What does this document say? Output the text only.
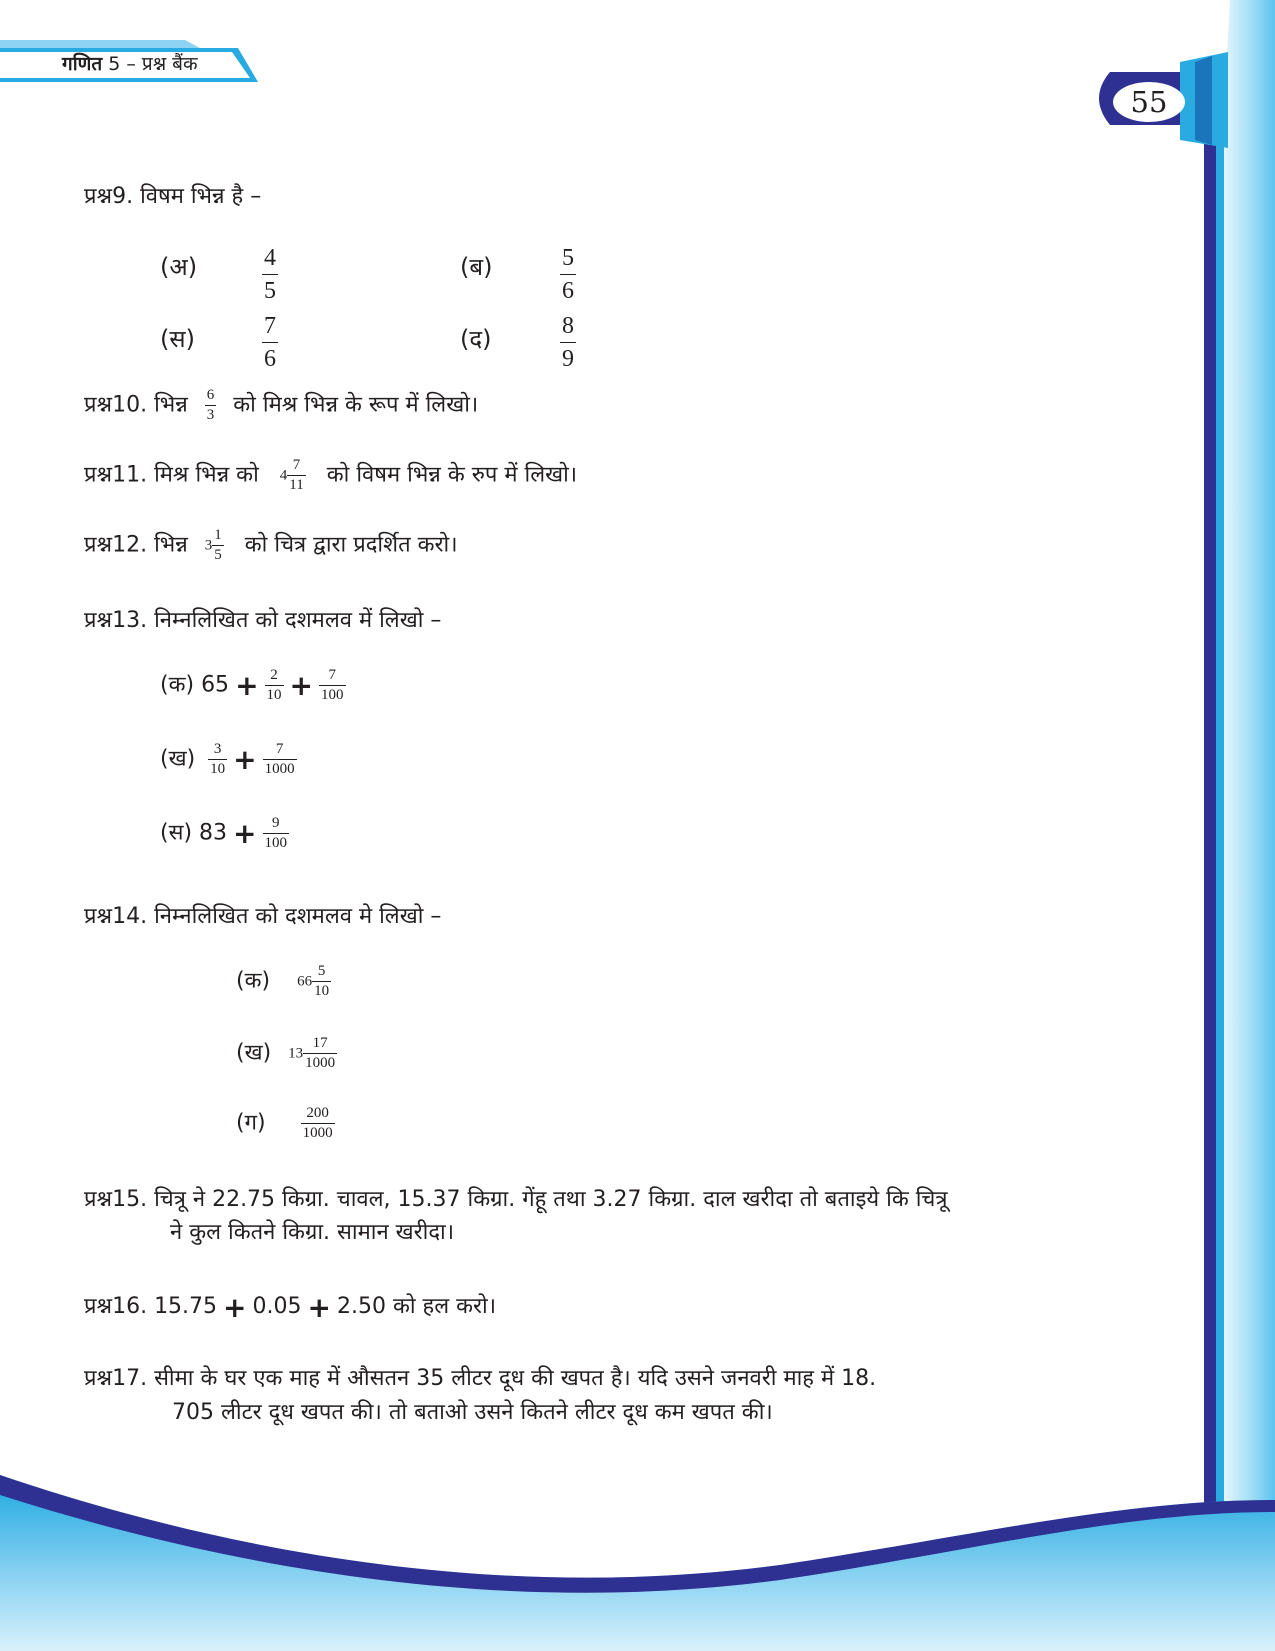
गणित 5 – प्रश्न बैंक
55
प्रश्न9. विषम भिन्न है –
(अ)	$\frac{4}{5}$	(ब)	$\frac{5}{6}$
(स)	$\frac{7}{6}$	(द)	$\frac{8}{9}$
प्रश्न10. भिन्न $\frac{6}{3}$ को मिश्र भिन्न के रूप में लिखो।
प्रश्न11. मिश्र भिन्न को $4 \frac{7}{11}$ को विषम भिन्न के रुप में लिखो।
प्रश्न12. भिन्न $3 \frac{1}{5}$ को चित्र द्वारा प्रदर्शित करो।
प्रश्न13. निम्नलिखित को दशमलव में लिखो –
(क) $65 + \frac{2}{10} + \frac{7}{100}$
(ख) $\frac{3}{10} + \frac{7}{1000}$
(स) $83 + \frac{9}{100}$
प्रश्न14. निम्नलिखित को दशमलव मे लिखो –
(क) $66 \frac{5}{10}$
(ख) $13 \frac{17}{1000}$
(ग) $\frac{200}{1000}$
प्रश्न15. चित्रू ने 22.75 किग्रा. चावल, 15.37 किग्रा. गेंहू तथा 3.27 किग्रा. दाल खरीदा तो बताइये कि चित्रू
ने कुल कितने किग्रा. सामान खरीदा।
प्रश्न16. 15.75 + 0.05 + 2.50 को हल करो।
प्रश्न17. सीमा के घर एक माह में औसतन 35 लीटर दूध की खपत है। यदि उसने जनवरी माह में 18.
705 लीटर दूध खपत की। तो बताओ उसने कितने लीटर दूध कम खपत की।
